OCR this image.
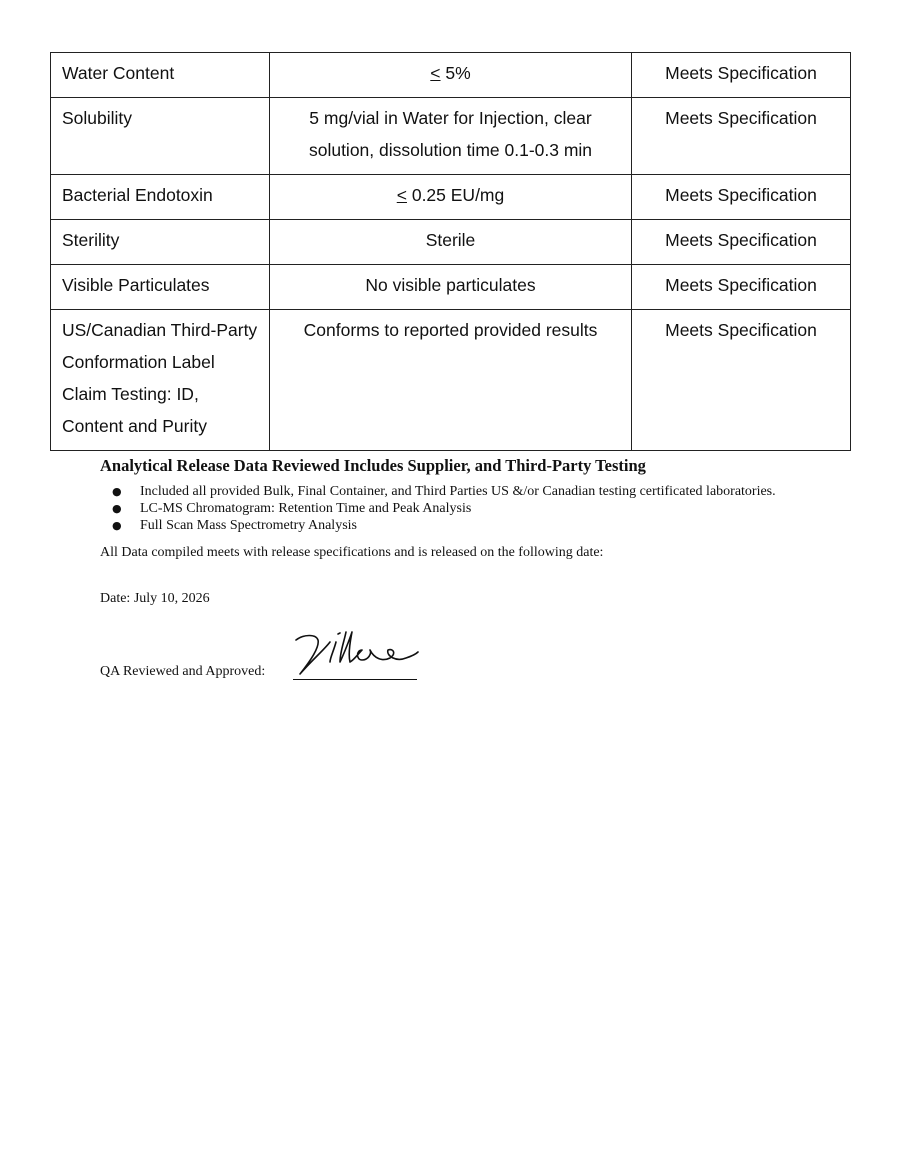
Water Content	≤ 5%	Meets Specification
Solubility	5 mg/vial in Water for Injection, clear solution, dissolution time 0.1-0.3 min	Meets Specification
Bacterial Endotoxin	≤ 0.25 EU/mg	Meets Specification
Sterility	Sterile	Meets Specification
Visible Particulates	No visible particulates	Meets Specification
US/Canadian Third-Party Conformation Label Claim Testing: ID, Content and Purity	Conforms to reported provided results	Meets Specification
Analytical Release Data Reviewed Includes Supplier, and Third-Party Testing
● Included all provided Bulk, Final Container, and Third Parties US &/or Canadian testing certificated laboratories.
● LC-MS Chromatogram: Retention Time and Peak Analysis
● Full Scan Mass Spectrometry Analysis

All Data compiled meets with release specifications and is released on the following date:

Date: July 10, 2026

QA Reviewed and Approved:
